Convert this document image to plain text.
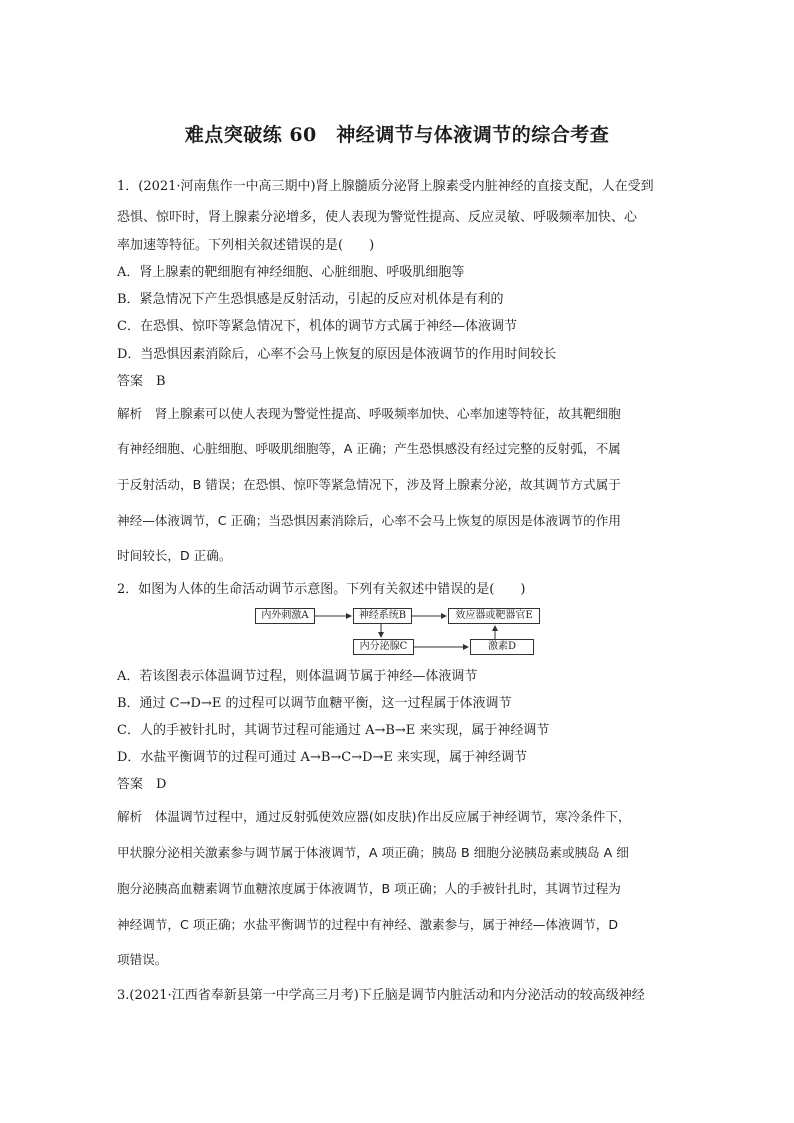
难点突破练 60　神经调节与体液调节的综合考查
1．(2021·河南焦作一中高三期中)肾上腺髓质分泌肾上腺素受内脏神经的直接支配，人在受到
恐惧、惊吓时，肾上腺素分泌增多，使人表现为警觉性提高、反应灵敏、呼吸频率加快、心
率加速等特征。下列相关叙述错误的是(　　)
A．肾上腺素的靶细胞有神经细胞、心脏细胞、呼吸肌细胞等
B．紧急情况下产生恐惧感是反射活动，引起的反应对机体是有利的
C．在恐惧、惊吓等紧急情况下，机体的调节方式属于神经—体液调节
D．当恐惧因素消除后，心率不会马上恢复的原因是体液调节的作用时间较长
答案　B
解析　肾上腺素可以使人表现为警觉性提高、呼吸频率加快、心率加速等特征，故其靶细胞
有神经细胞、心脏细胞、呼吸肌细胞等，A 正确；产生恐惧感没有经过完整的反射弧，不属
于反射活动，B 错误；在恐惧、惊吓等紧急情况下，涉及肾上腺素分泌，故其调节方式属于
神经—体液调节，C 正确；当恐惧因素消除后，心率不会马上恢复的原因是体液调节的作用
时间较长，D 正确。
2．如图为人体的生命活动调节示意图。下列有关叙述中错误的是(　　)
内外刺激A	神经系统B	效应器或靶器官E
内分泌腺C	激素D
A．若该图表示体温调节过程，则体温调节属于神经—体液调节
B．通过 C→D→E 的过程可以调节血糖平衡，这一过程属于体液调节
C．人的手被针扎时，其调节过程可能通过 A→B→E 来实现，属于神经调节
D．水盐平衡调节的过程可通过 A→B→C→D→E 来实现，属于神经调节
答案　D
解析　体温调节过程中，通过反射弧使效应器(如皮肤)作出反应属于神经调节，寒冷条件下，
甲状腺分泌相关激素参与调节属于体液调节，A 项正确；胰岛 B 细胞分泌胰岛素或胰岛 A 细
胞分泌胰高血糖素调节血糖浓度属于体液调节，B 项正确；人的手被针扎时，其调节过程为
神经调节，C 项正确；水盐平衡调节的过程中有神经、激素参与，属于神经—体液调节，D
项错误。
3.(2021·江西省奉新县第一中学高三月考)下丘脑是调节内脏活动和内分泌活动的较高级神经
